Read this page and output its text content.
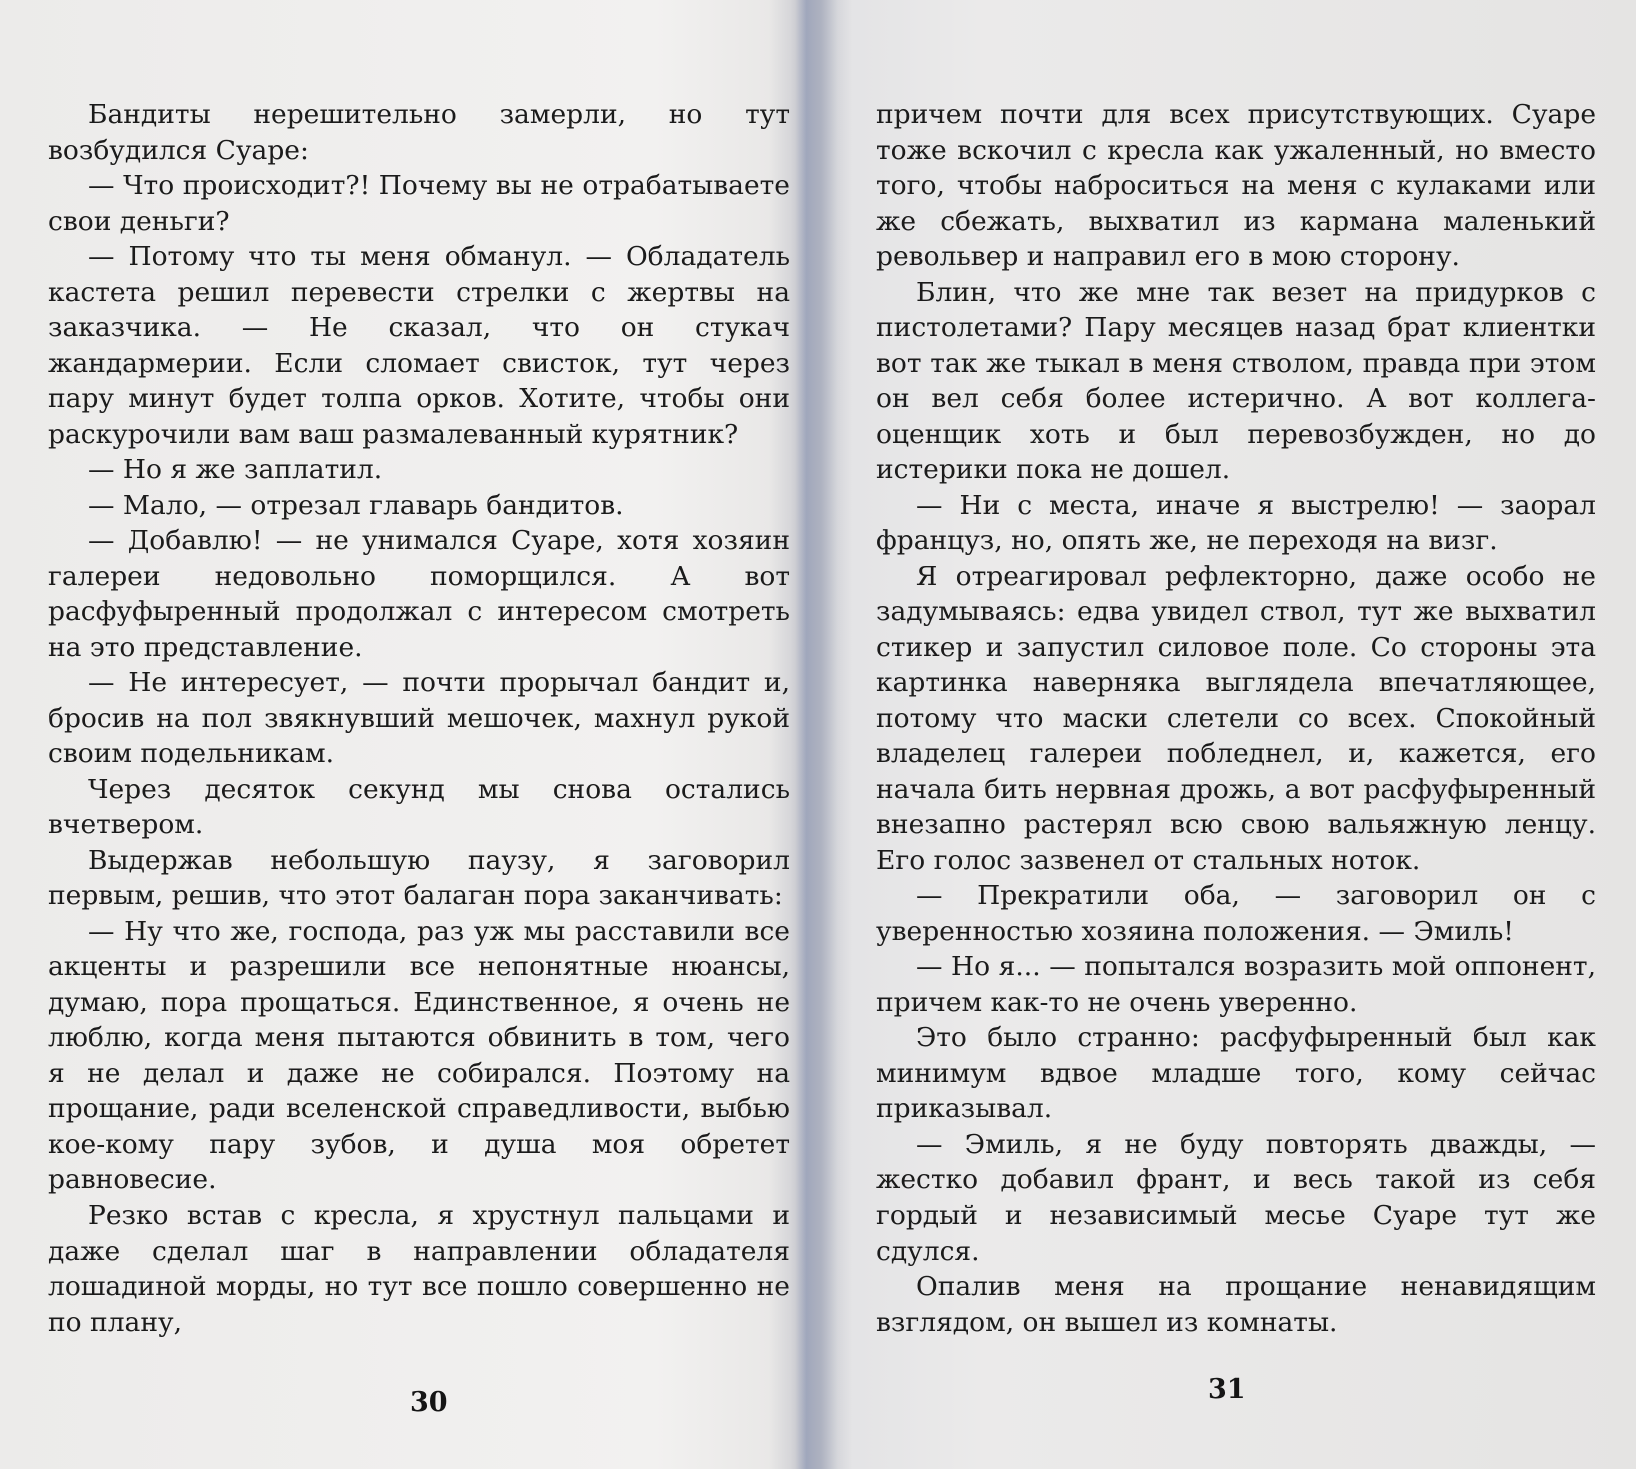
Бандиты нерешительно замерли, но тут возбудился Суаре:

— Что происходит?! Почему вы не отрабатываете свои деньги?

— Потому что ты меня обманул. — Обладатель кастета решил перевести стрелки с жертвы на заказчика. — Не сказал, что он стукач жандармерии. Если сломает свисток, тут через пару минут будет толпа орков. Хотите, чтобы они раскурочили вам ваш размалеванный курятник?

— Но я же заплатил.

— Мало, — отрезал главарь бандитов.

— Добавлю! — не унимался Суаре, хотя хозяин галереи недовольно поморщился. А вот расфуфыренный продолжал с интересом смотреть на это представление.

— Не интересует, — почти прорычал бандит и, бросив на пол звякнувший мешочек, махнул рукой своим подельникам.

Через десяток секунд мы снова остались вчетвером.

Выдержав небольшую паузу, я заговорил первым, решив, что этот балаган пора заканчивать:

— Ну что же, господа, раз уж мы расставили все акценты и разрешили все непонятные нюансы, думаю, пора прощаться. Единственное, я очень не люблю, когда меня пытаются обвинить в том, чего я не делал и даже не собирался. Поэтому на прощание, ради вселенской справедливости, выбью кое-кому пару зубов, и душа моя обретет равновесие.

Резко встав с кресла, я хрустнул пальцами и даже сделал шаг в направлении обладателя лошадиной морды, но тут все пошло совершенно не по плану,

30

причем почти для всех присутствующих. Суаре тоже вскочил с кресла как ужаленный, но вместо того, чтобы наброситься на меня с кулаками или же сбежать, выхватил из кармана маленький револьвер и направил его в мою сторону.

Блин, что же мне так везет на придурков с пистолетами? Пару месяцев назад брат клиентки вот так же тыкал в меня стволом, правда при этом он вел себя более истерично. А вот коллега-оценщик хоть и был перевозбужден, но до истерики пока не дошел.

— Ни с места, иначе я выстрелю! — заорал француз, но, опять же, не переходя на визг.

Я отреагировал рефлекторно, даже особо не задумываясь: едва увидел ствол, тут же выхватил стикер и запустил силовое поле. Со стороны эта картинка наверняка выглядела впечатляющее, потому что маски слетели со всех. Спокойный владелец галереи побледнел, и, кажется, его начала бить нервная дрожь, а вот расфуфыренный внезапно растерял всю свою вальяжную ленцу. Его голос зазвенел от стальных ноток.

— Прекратили оба, — заговорил он с уверенностью хозяина положения. — Эмиль!

— Но я... — попытался возразить мой оппонент, причем как-то не очень уверенно.

Это было странно: расфуфыренный был как минимум вдвое младше того, кому сейчас приказывал.

— Эмиль, я не буду повторять дважды, — жестко добавил франт, и весь такой из себя гордый и независимый месье Суаре тут же сдулся.

Опалив меня на прощание ненавидящим взглядом, он вышел из комнаты.

31
